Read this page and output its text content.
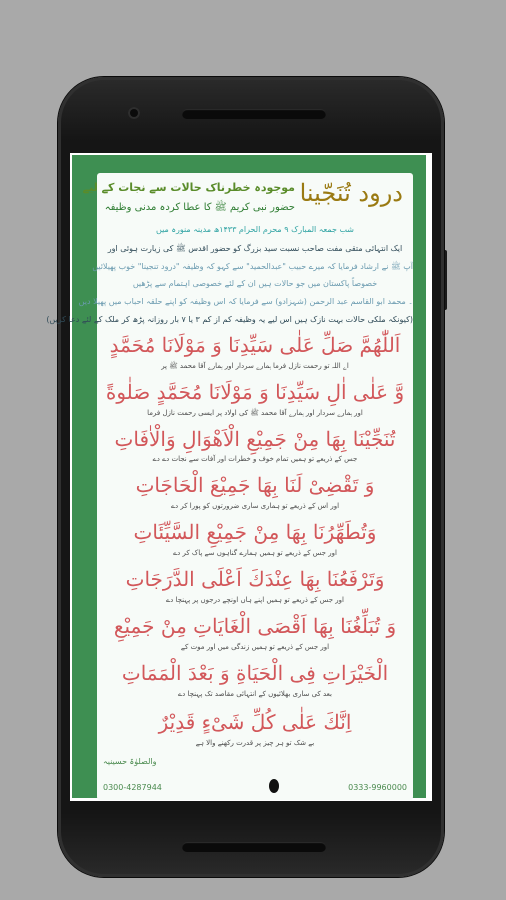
درود تُنَجّینا
موجودہ خطرناک حالات سے نجات کے لیے
حضور نبی کریم ﷺ کا عطا کردہ مدنی وظیفہ
شب جمعہ المبارک ۹ محرم الحرام ۱۴۳۳ھ مدینہ منورہ میں
ایک انتہائی متقی مفت صاحب نسبت سید بزرگ کو حضور اقدس ﷺ کی زیارت ہوئی اور
آپ ﷺ نے ارشاد فرمایا کہ میرے حبیب "عبدالحمید" سے کہو کہ وظیفہ "درود تنجینا" خوب پھیلائیں
خصوصاً پاکستان میں جو حالات ہیں ان کے لئے خصوصی اہتمام سے پڑھیں
۔ محمد ابو القاسم عبد الرحمن (شہزادو) سے فرمایا کہ اس وظیفہ کو اپنے حلقہ احباب میں پھیلا دیں
(کیونکہ ملکی حالات بہت نازک ہیں اس لیے یہ وظیفہ کم از کم ۳ یا ۷ بار روزانہ پڑھ کر ملک کے لئے دعا کریں)
اَللّٰهُمَّ صَلِّ عَلٰى سَيِّدِنَا وَ مَوْلَانَا مُحَمَّدٍ
اے اللہ تو رحمت نازل فرما ہمارے سردار اور ہمارے آقا محمد ﷺ پر
وَّ عَلٰى اٰلِ سَيِّدِنَا وَ مَوْلَانَا مُحَمَّدٍ صَلٰوةً
اور ہمارے سردار اور ہمارے آقا محمد ﷺ کی اولاد پر ایسی رحمت نازل فرما
تُنَجِّيْنَا بِهَا مِنْ جَمِيْعِ الْاَهْوَالِ وَالْاٰفَاتِ
جس کے ذریعے تو ہمیں تمام خوف و خطرات اور آفات سے نجات دے دے
وَ تَقْضِىْ لَنَا بِهَا جَمِيْعَ الْحَاجَاتِ
اور اس کے ذریعے تو ہماری ساری ضرورتوں کو پورا کر دے
وَتُطَهِّرُنَا بِهَا مِنْ جَمِيْعِ السَّيِّئَاتِ
اور جس کے ذریعے تو ہمیں ہمارے گناہوں سے پاک کر دے
وَتَرْفَعُنَا بِهَا عِنْدَكَ اَعْلَى الدَّرَجَاتِ
اور جس کے ذریعے تو ہمیں اپنے ہاں اونچے درجوں پر پہنچا دے
وَ تُبَلِّغُنَا بِهَا اَقْصَى الْغَايَاتِ مِنْ جَمِيْعِ
اور جس کے ذریعے تو ہمیں زندگی میں اور موت کے
الْخَيْرَاتِ فِى الْحَيَاةِ وَ بَعْدَ الْمَمَاتِ
بعد کی ساری بھلائیوں کے انتہائی مقاصد تک پہنچا دے
اِنَّكَ عَلٰى كُلِّ شَىْءٍ قَدِيْرٌ
بے شک تو ہر چیز پر قدرت رکھنے والا ہے
0300-4287944	0333-9960000
والصلوٰۃ حسینیہ
